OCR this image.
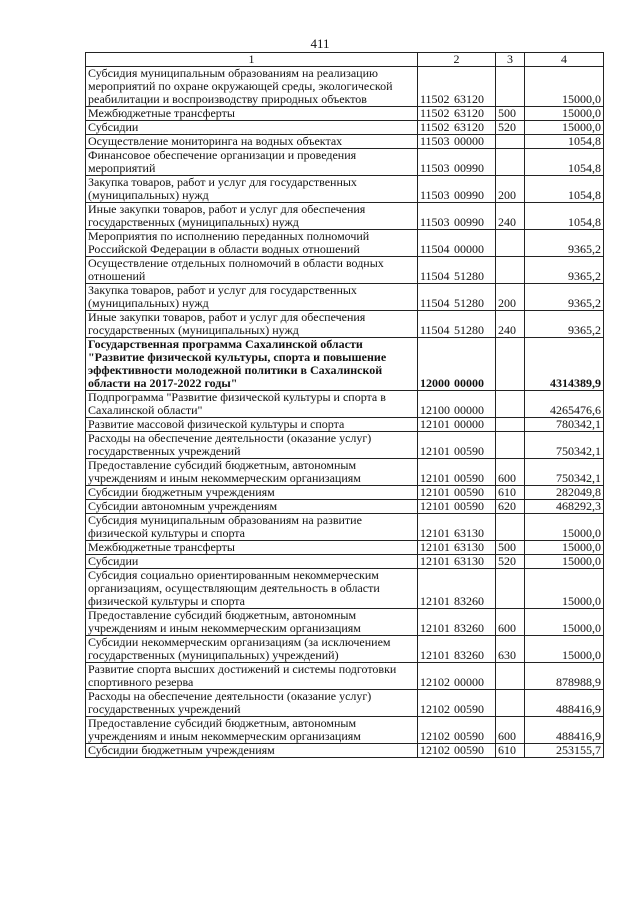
411
1	2	3	4
Субсидия муниципальным образованиям на реализацию мероприятий по охране окружающей среды, экологической реабилитации и воспроизводству природных объектов	11502 63120		15000,0
Межбюджетные трансферты	11502 63120	500	15000,0
Субсидии	11502 63120	520	15000,0
Осуществление мониторинга на водных объектах	11503 00000		1054,8
Финансовое обеспечение организации и проведения мероприятий	11503 00990		1054,8
Закупка товаров, работ и услуг для государственных (муниципальных) нужд	11503 00990	200	1054,8
Иные закупки товаров, работ и услуг для обеспечения государственных (муниципальных) нужд	11503 00990	240	1054,8
Мероприятия по исполнению переданных полномочий Российской Федерации в области водных отношений	11504 00000		9365,2
Осуществление отдельных полномочий в области водных отношений	11504 51280		9365,2
Закупка товаров, работ и услуг для государственных (муниципальных) нужд	11504 51280	200	9365,2
Иные закупки товаров, работ и услуг для обеспечения государственных (муниципальных) нужд	11504 51280	240	9365,2
Государственная программа Сахалинской области "Развитие физической культуры, спорта и повышение эффективности молодежной политики в Сахалинской области на 2017-2022 годы"	12000 00000		4314389,9
Подпрограмма "Развитие физической культуры и спорта в Сахалинской области"	12100 00000		4265476,6
Развитие массовой физической культуры и спорта	12101 00000		780342,1
Расходы на обеспечение деятельности (оказание услуг) государственных учреждений	12101 00590		750342,1
Предоставление субсидий бюджетным, автономным учреждениям и иным некоммерческим организациям	12101 00590	600	750342,1
Субсидии бюджетным учреждениям	12101 00590	610	282049,8
Субсидии автономным учреждениям	12101 00590	620	468292,3
Субсидия муниципальным образованиям на развитие физической культуры и спорта	12101 63130		15000,0
Межбюджетные трансферты	12101 63130	500	15000,0
Субсидии	12101 63130	520	15000,0
Субсидия социально ориентированным некоммерческим организациям, осуществляющим деятельность в области физической культуры и спорта	12101 83260		15000,0
Предоставление субсидий бюджетным, автономным учреждениям и иным некоммерческим организациям	12101 83260	600	15000,0
Субсидии некоммерческим организациям (за исключением государственных (муниципальных) учреждений)	12101 83260	630	15000,0
Развитие спорта высших достижений и системы подготовки спортивного резерва	12102 00000		878988,9
Расходы на обеспечение деятельности (оказание услуг) государственных учреждений	12102 00590		488416,9
Предоставление субсидий бюджетным, автономным учреждениям и иным некоммерческим организациям	12102 00590	600	488416,9
Субсидии бюджетным учреждениям	12102 00590	610	253155,7
